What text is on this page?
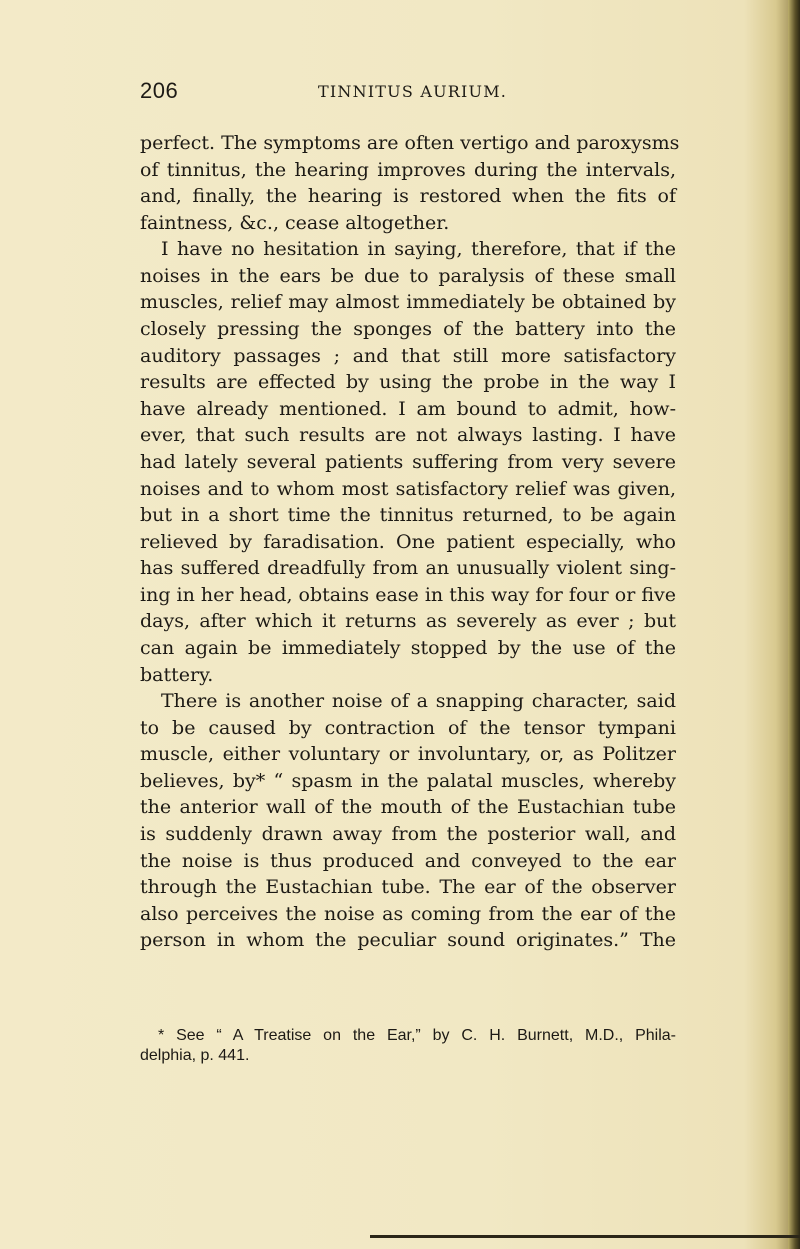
206	TINNITUS AURIUM.
perfect. The symptoms are often vertigo and paroxysms
of tinnitus, the hearing improves during the intervals,
and, finally, the hearing is restored when the fits of
faintness, &c., cease altogether.
I have no hesitation in saying, therefore, that if the
noises in the ears be due to paralysis of these small
muscles, relief may almost immediately be obtained by
closely pressing the sponges of the battery into the
auditory passages ; and that still more satisfactory
results are effected by using the probe in the way I
have already mentioned. I am bound to admit, how-
ever, that such results are not always lasting. I have
had lately several patients suffering from very severe
noises and to whom most satisfactory relief was given,
but in a short time the tinnitus returned, to be again
relieved by faradisation. One patient especially, who
has suffered dreadfully from an unusually violent sing-
ing in her head, obtains ease in this way for four or five
days, after which it returns as severely as ever ; but
can again be immediately stopped by the use of the
battery.
There is another noise of a snapping character, said
to be caused by contraction of the tensor tympani
muscle, either voluntary or involuntary, or, as Politzer
believes, by* “ spasm in the palatal muscles, whereby
the anterior wall of the mouth of the Eustachian tube
is suddenly drawn away from the posterior wall, and
the noise is thus produced and conveyed to the ear
through the Eustachian tube. The ear of the observer
also perceives the noise as coming from the ear of the
person in whom the peculiar sound originates.” The
* See “ A Treatise on the Ear,” by C. H. Burnett, M.D., Phila-
delphia, p. 441.
